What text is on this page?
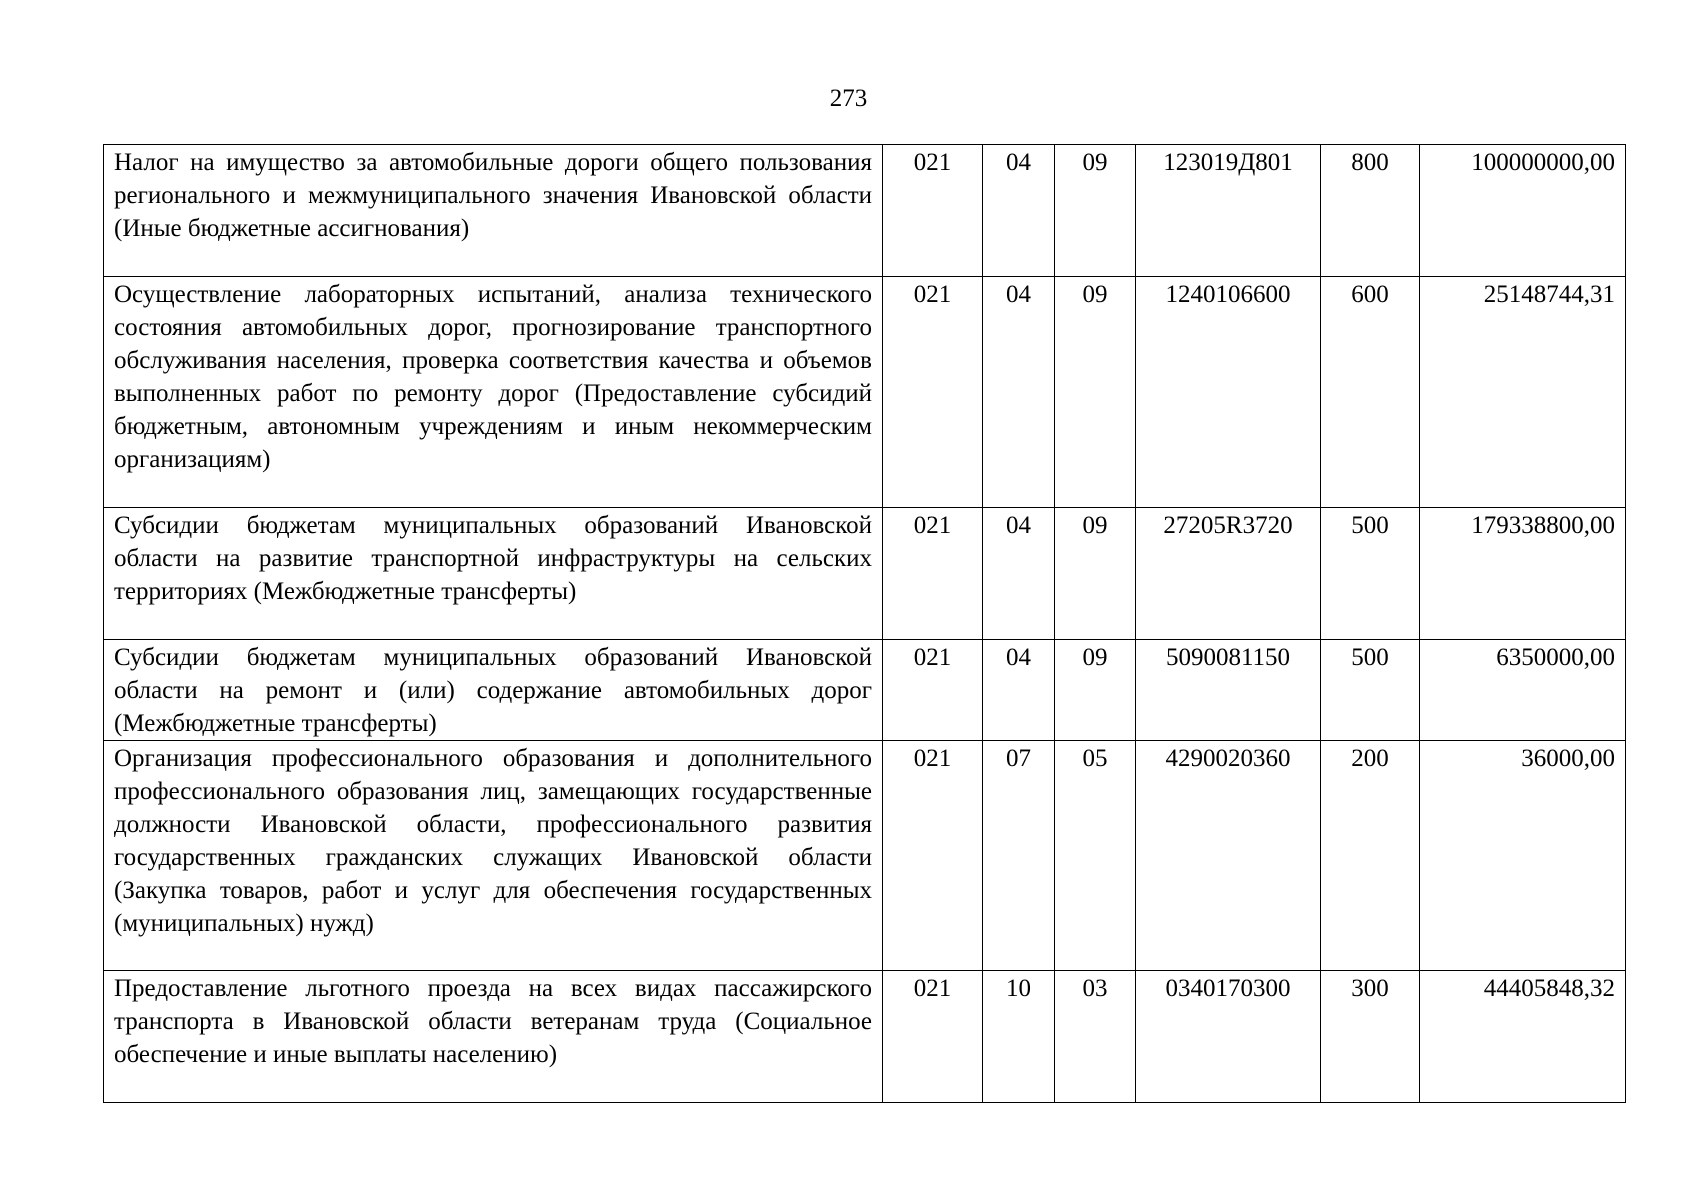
273
Налог на имущество за автомобильные дороги общего пользования регионального и межмуниципального значения Ивановской области (Иные бюджетные ассигнования)	021	04	09	123019Д801	800	100000000,00
Осуществление лабораторных испытаний, анализа технического состояния автомобильных дорог, прогнозирование транспортного обслуживания населения, проверка соответствия качества и объемов выполненных работ по ремонту дорог (Предоставление субсидий бюджетным, автономным учреждениям и иным некоммерческим организациям)	021	04	09	1240106600	600	25148744,31
Субсидии бюджетам муниципальных образований Ивановской области на развитие транспортной инфраструктуры на сельских территориях (Межбюджетные трансферты)	021	04	09	27205R3720	500	179338800,00
Субсидии бюджетам муниципальных образований Ивановской области на ремонт и (или) содержание автомобильных дорог (Межбюджетные трансферты)	021	04	09	5090081150	500	6350000,00
Организация профессионального образования и дополнительного профессионального образования лиц, замещающих государственные должности Ивановской области, профессионального развития государственных гражданских служащих Ивановской области (Закупка товаров, работ и услуг для обеспечения государственных (муниципальных) нужд)	021	07	05	4290020360	200	36000,00
Предоставление льготного проезда на всех видах пассажирского транспорта в Ивановской области ветеранам труда (Социальное обеспечение и иные выплаты населению)	021	10	03	0340170300	300	44405848,32
